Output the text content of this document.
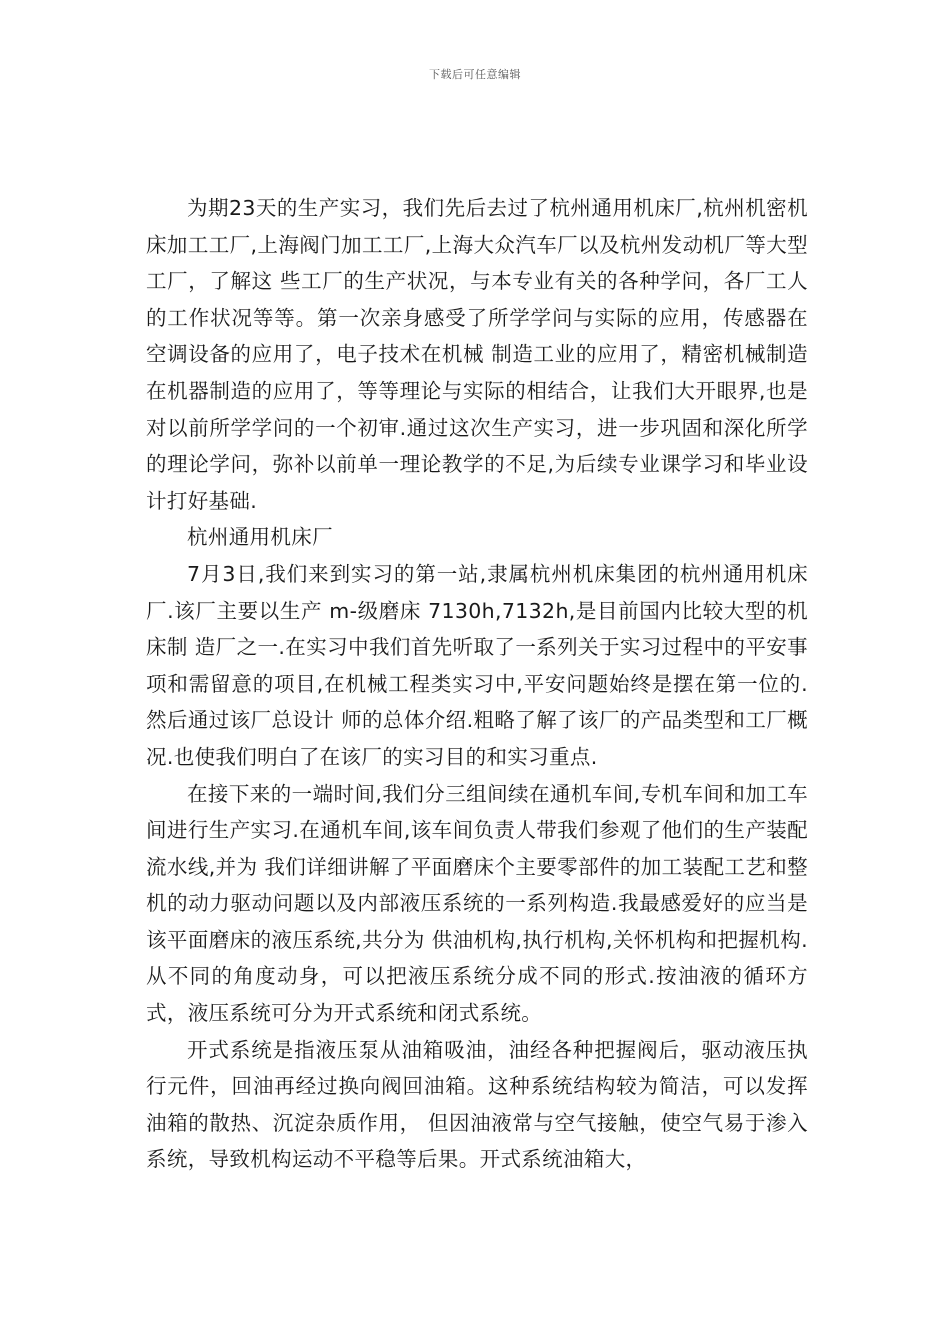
下载后可任意编辑

为期23天的生产实习，我们先后去过了杭州通用机床厂,杭州机密机床加工工厂,上海阀门加工工厂,上海大众汽车厂以及杭州发动机厂等大型工厂，了解这 些工厂的生产状况，与本专业有关的各种学问，各厂工人的工作状况等等。第一次亲身感受了所学学问与实际的应用，传感器在空调设备的应用了，电子技术在机械 制造工业的应用了，精密机械制造在机器制造的应用了，等等理论与实际的相结合，让我们大开眼界,也是对以前所学学问的一个初审.通过这次生产实习，进一步巩固和深化所学的理论学问，弥补以前单一理论教学的不足,为后续专业课学习和毕业设计打好基础.

杭州通用机床厂

7月3日,我们来到实习的第一站,隶属杭州机床集团的杭州通用机床厂.该厂主要以生产 m-级磨床 7130h,7132h,是目前国内比较大型的机床制 造厂之一.在实习中我们首先听取了一系列关于实习过程中的平安事项和需留意的项目,在机械工程类实习中,平安问题始终是摆在第一位的.然后通过该厂总设计 师的总体介绍.粗略了解了该厂的产品类型和工厂概况.也使我们明白了在该厂的实习目的和实习重点.

在接下来的一端时间,我们分三组间续在通机车间,专机车间和加工车间进行生产实习.在通机车间,该车间负责人带我们参观了他们的生产装配流水线,并为 我们详细讲解了平面磨床个主要零部件的加工装配工艺和整机的动力驱动问题以及内部液压系统的一系列构造.我最感爱好的应当是该平面磨床的液压系统,共分为 供油机构,执行机构,关怀机构和把握机构.从不同的角度动身，可以把液压系统分成不同的形式.按油液的循环方式，液压系统可分为开式系统和闭式系统。

开式系统是指液压泵从油箱吸油，油经各种把握阀后，驱动液压执行元件，回油再经过换向阀回油箱。这种系统结构较为简洁，可以发挥油箱的散热、沉淀杂质作用， 但因油液常与空气接触，使空气易于渗入系统，导致机构运动不平稳等后果。开式系统油箱大，
